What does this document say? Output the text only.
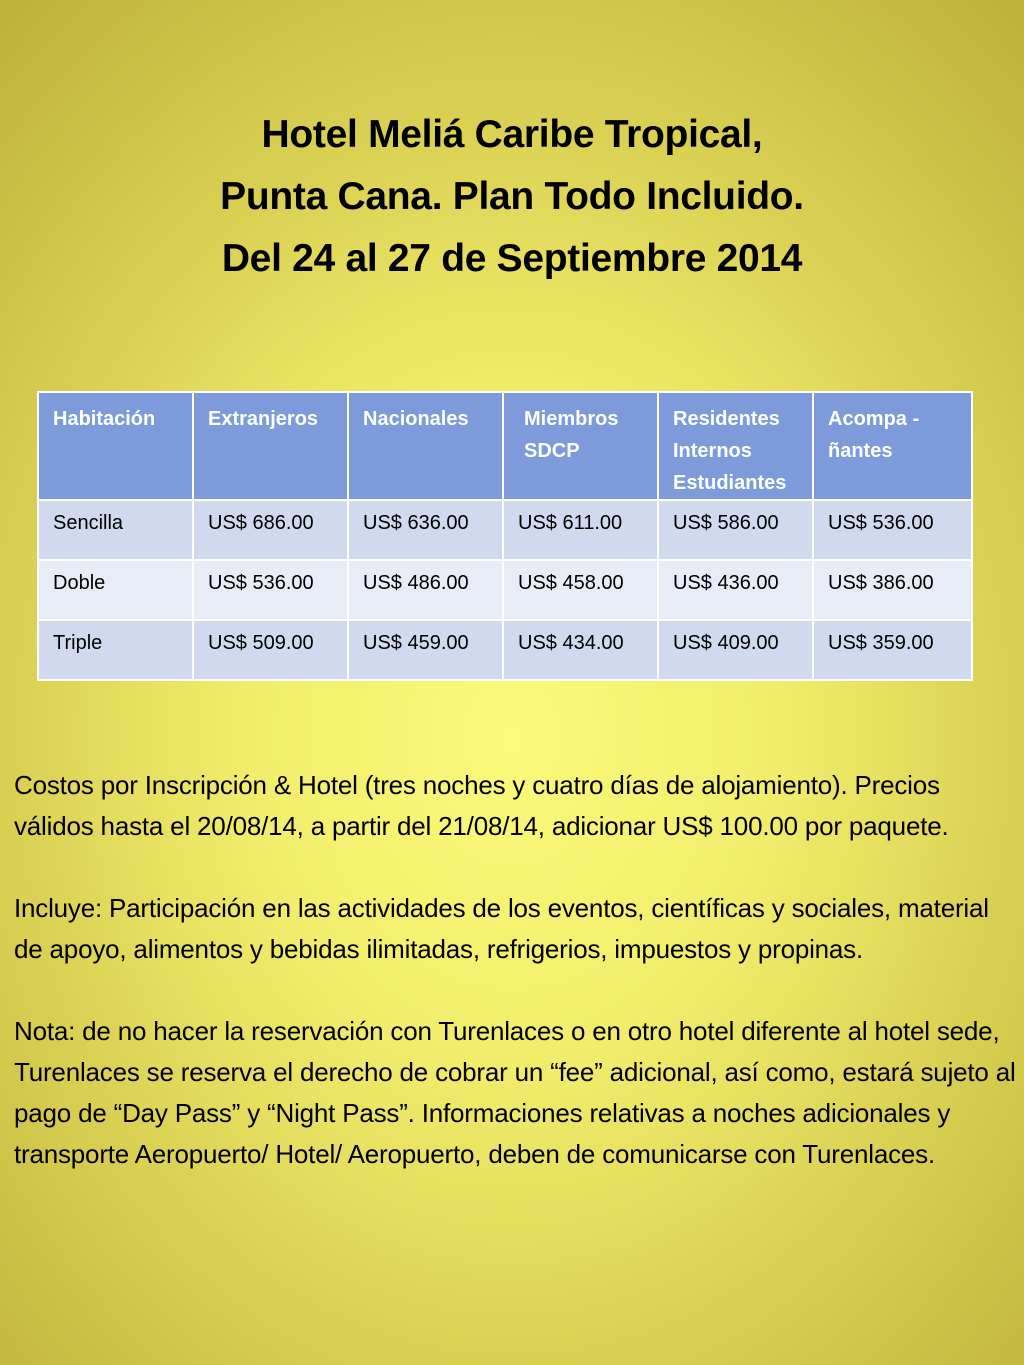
Hotel Meliá Caribe Tropical,
Punta Cana. Plan Todo Incluido.
Del 24 al 27 de Septiembre 2014
Habitación	Extranjeros	Nacionales	Miembros SDCP	Residentes Internos Estudiantes	Acompa - ñantes
Sencilla	US$ 686.00	US$ 636.00	US$ 611.00	US$ 586.00	US$ 536.00
Doble	US$ 536.00	US$ 486.00	US$ 458.00	US$ 436.00	US$ 386.00
Triple	US$ 509.00	US$ 459.00	US$ 434.00	US$ 409.00	US$ 359.00

Costos por Inscripción & Hotel (tres noches y cuatro días de alojamiento). Precios válidos hasta el 20/08/14, a partir del 21/08/14, adicionar US$ 100.00 por paquete.

Incluye: Participación en las actividades de los eventos, científicas y sociales, material de apoyo, alimentos y bebidas ilimitadas, refrigerios, impuestos y propinas.

Nota: de no hacer la reservación con Turenlaces o en otro hotel diferente al hotel sede, Turenlaces se reserva el derecho de cobrar un “fee” adicional, así como, estará sujeto al pago de “Day Pass” y “Night Pass”. Informaciones relativas a noches adicionales y transporte Aeropuerto/ Hotel/ Aeropuerto, deben de comunicarse con Turenlaces.
